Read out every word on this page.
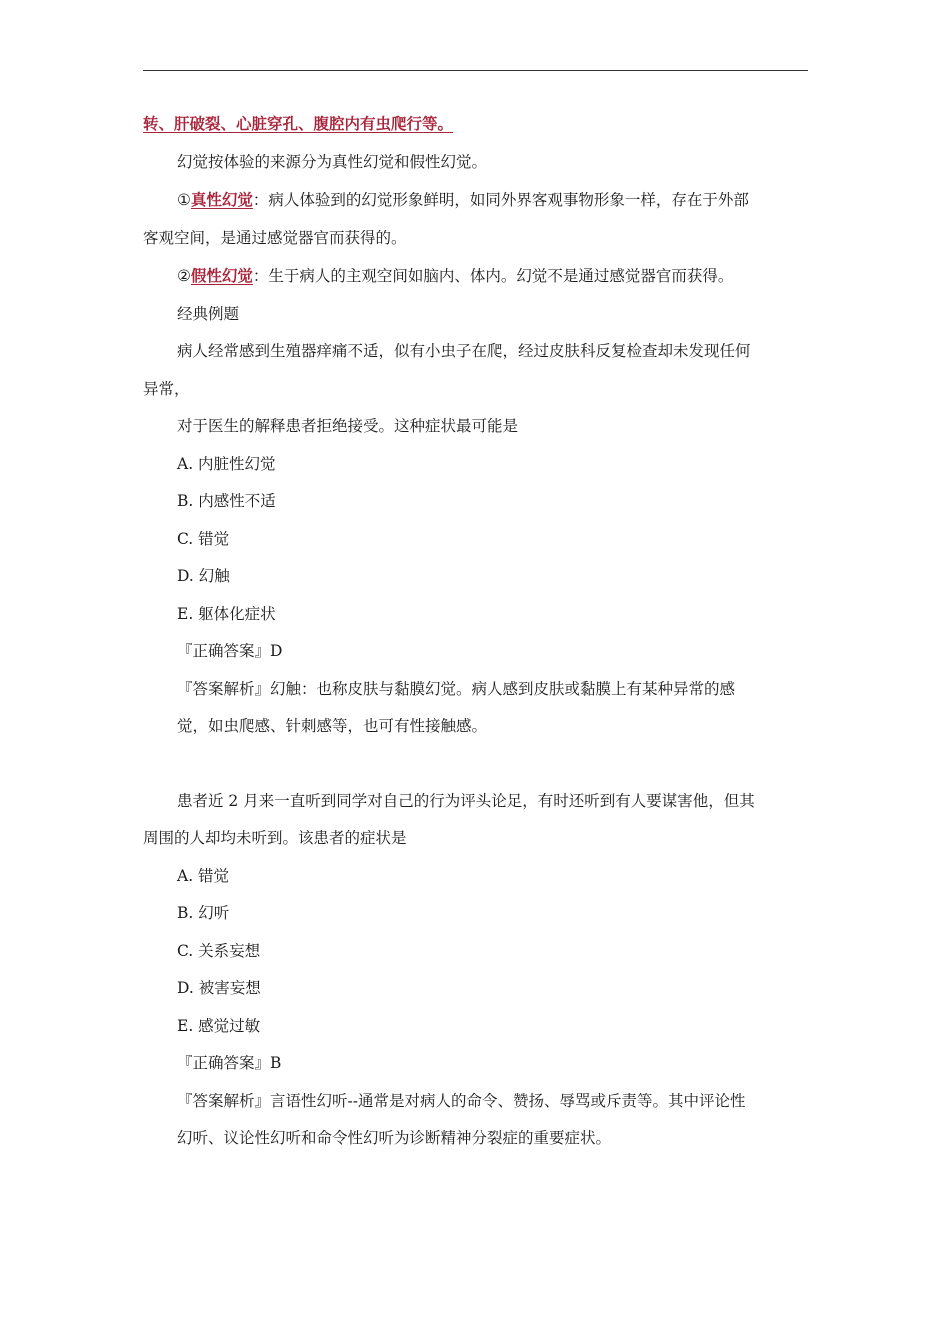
转、肝破裂、心脏穿孔、腹腔内有虫爬行等。

幻觉按体验的来源分为真性幻觉和假性幻觉。

①真性幻觉：病人体验到的幻觉形象鲜明，如同外界客观事物形象一样，存在于外部

客观空间，是通过感觉器官而获得的。

②假性幻觉：生于病人的主观空间如脑内、体内。幻觉不是通过感觉器官而获得。

经典例题

病人经常感到生殖器痒痛不适，似有小虫子在爬，经过皮肤科反复检查却未发现任何

异常，

对于医生的解释患者拒绝接受。这种症状最可能是

A. 内脏性幻觉

B. 内感性不适

C. 错觉

D. 幻触

E. 躯体化症状

『正确答案』D

『答案解析』幻触：也称皮肤与黏膜幻觉。病人感到皮肤或黏膜上有某种异常的感

觉，如虫爬感、针刺感等，也可有性接触感。

患者近 2 月来一直听到同学对自己的行为评头论足，有时还听到有人要谋害他，但其

周围的人却均未听到。该患者的症状是

A. 错觉

B. 幻听

C. 关系妄想

D. 被害妄想

E. 感觉过敏

『正确答案』B

『答案解析』言语性幻听--通常是对病人的命令、赞扬、辱骂或斥责等。其中评论性

幻听、议论性幻听和命令性幻听为诊断精神分裂症的重要症状。
